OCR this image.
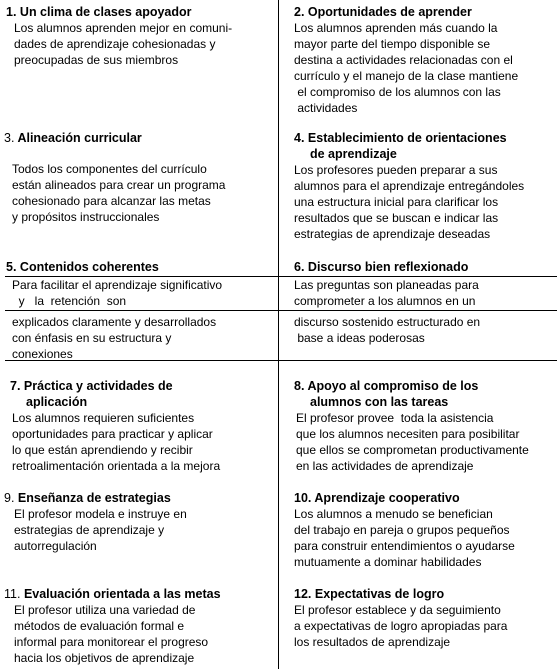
1. Un clima de clases apoyador
Los alumnos aprenden mejor en comuni-
dades de aprendizaje cohesionadas y
preocupadas de sus miembros
2. Oportunidades de aprender
Los alumnos aprenden más cuando la
mayor parte del tiempo disponible se
destina a actividades relacionadas con el
currículo y el manejo de la clase mantiene
el compromiso de los alumnos con las
actividades
3. Alineación curricular
Todos los componentes del currículo
están alineados para crear un programa
cohesionado para alcanzar las metas
y propósitos instruccionales
4. Establecimiento de orientaciones
de aprendizaje
Los profesores pueden preparar a sus
alumnos para el aprendizaje entregándoles
una estructura inicial para clarificar los
resultados que se buscan e indicar las
estrategias de aprendizaje deseadas
5. Contenidos coherentes
Para facilitar el aprendizaje significativo
y   la  retención  son
explicados claramente y desarrollados
con énfasis en su estructura y
conexiones
6. Discurso bien reflexionado
Las preguntas son planeadas para
comprometer a los alumnos en un
discurso sostenido estructurado en
base a ideas poderosas
7. Práctica y actividades de
aplicación
Los alumnos requieren suficientes
oportunidades para practicar y aplicar
lo que están aprendiendo y recibir
retroalimentación orientada a la mejora
8. Apoyo al compromiso de los
alumnos con las tareas
El profesor provee  toda la asistencia
que los alumnos necesiten para posibilitar
que ellos se comprometan productivamente
en las actividades de aprendizaje
9. Enseñanza de estrategias
El profesor modela e instruye en
estrategias de aprendizaje y
autorregulación
10. Aprendizaje cooperativo
Los alumnos a menudo se benefician
del trabajo en pareja o grupos pequeños
para construir entendimientos o ayudarse
mutuamente a dominar habilidades
11. Evaluación orientada a las metas
El profesor utiliza una variedad de
métodos de evaluación formal e
informal para monitorear el progreso
hacia los objetivos de aprendizaje
12. Expectativas de logro
El profesor establece y da seguimiento
a expectativas de logro apropiadas para
los resultados de aprendizaje
